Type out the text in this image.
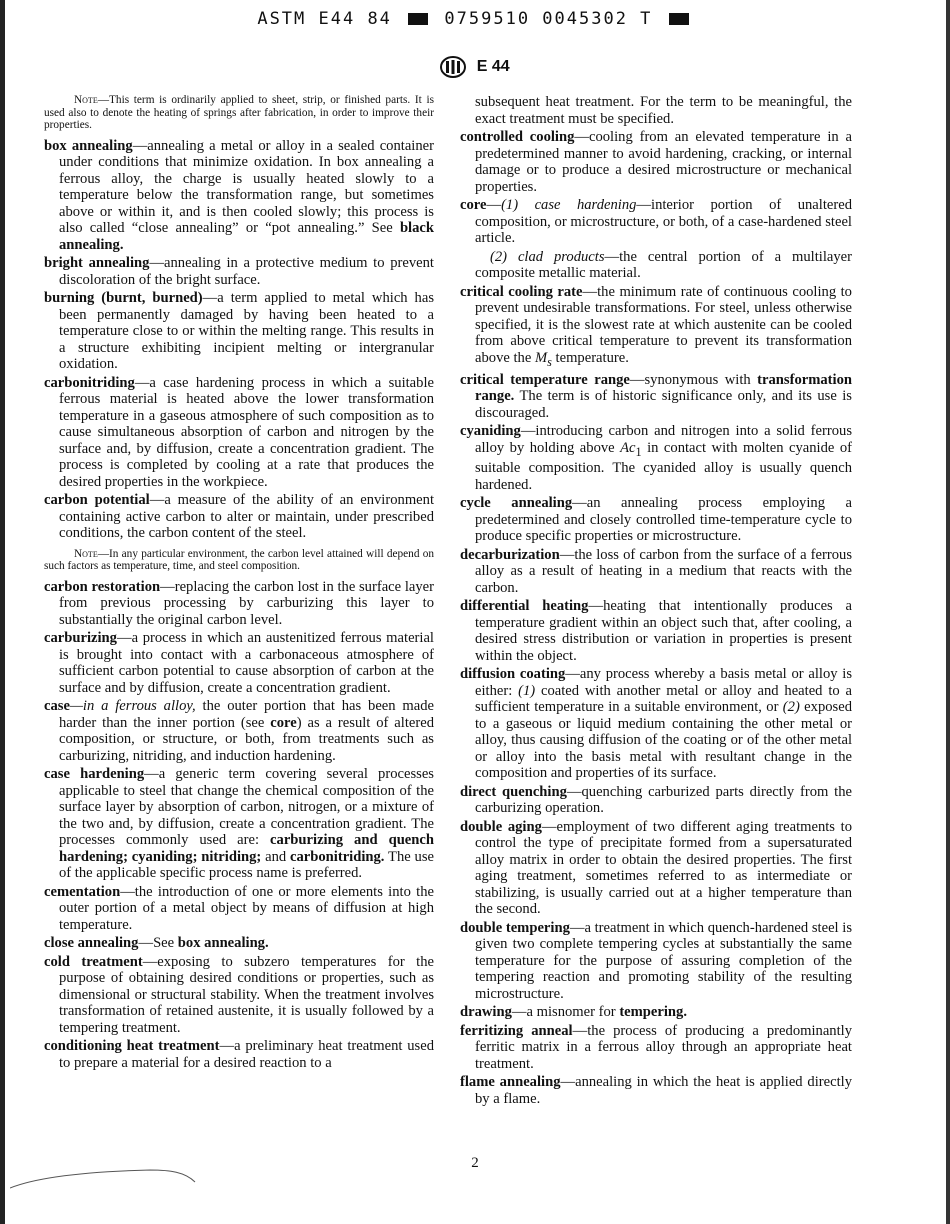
ASTM E44 84	0759510 0045302 T
E 44

Note—This term is ordinarily applied to sheet, strip, or finished parts. It is used also to denote the heating of springs after fabrication, in order to improve their properties.

box annealing—annealing a metal or alloy in a sealed container under conditions that minimize oxidation. In box annealing a ferrous alloy, the charge is usually heated slowly to a temperature below the transformation range, but sometimes above or within it, and is then cooled slowly; this process is also called “close annealing” or “pot annealing.” See black annealing.

bright annealing—annealing in a protective medium to prevent discoloration of the bright surface.

burning (burnt, burned)—a term applied to metal which has been permanently damaged by having been heated to a temperature close to or within the melting range. This results in a structure exhibiting incipient melting or intergranular oxidation.

carbonitriding—a case hardening process in which a suitable ferrous material is heated above the lower transformation temperature in a gaseous atmosphere of such composition as to cause simultaneous absorption of carbon and nitrogen by the surface and, by diffusion, create a concentration gradient. The process is completed by cooling at a rate that produces the desired properties in the workpiece.

carbon potential—a measure of the ability of an environment containing active carbon to alter or maintain, under prescribed conditions, the carbon content of the steel.

Note—In any particular environment, the carbon level attained will depend on such factors as temperature, time, and steel composition.

carbon restoration—replacing the carbon lost in the surface layer from previous processing by carburizing this layer to substantially the original carbon level.

carburizing—a process in which an austenitized ferrous material is brought into contact with a carbonaceous atmosphere of sufficient carbon potential to cause absorption of carbon at the surface and by diffusion, create a concentration gradient.

case—in a ferrous alloy, the outer portion that has been made harder than the inner portion (see core) as a result of altered composition, or structure, or both, from treatments such as carburizing, nitriding, and induction hardening.

case hardening—a generic term covering several processes applicable to steel that change the chemical composition of the surface layer by absorption of carbon, nitrogen, or a mixture of the two and, by diffusion, create a concentration gradient. The processes commonly used are: carburizing and quench hardening; cyaniding; nitriding; and carbonitriding. The use of the applicable specific process name is preferred.

cementation—the introduction of one or more elements into the outer portion of a metal object by means of diffusion at high temperature.

close annealing—See box annealing.

cold treatment—exposing to subzero temperatures for the purpose of obtaining desired conditions or properties, such as dimensional or structural stability. When the treatment involves transformation of retained austenite, it is usually followed by a tempering treatment.

conditioning heat treatment—a preliminary heat treatment used to prepare a material for a desired reaction to a

subsequent heat treatment. For the term to be meaningful, the exact treatment must be specified.

controlled cooling—cooling from an elevated temperature in a predetermined manner to avoid hardening, cracking, or internal damage or to produce a desired microstructure or mechanical properties.

core—(1) case hardening—interior portion of unaltered composition, or microstructure, or both, of a case-hardened steel article.

(2) clad products—the central portion of a multilayer composite metallic material.

critical cooling rate—the minimum rate of continuous cooling to prevent undesirable transformations. For steel, unless otherwise specified, it is the slowest rate at which austenite can be cooled from above critical temperature to prevent its transformation above the $M_s$ temperature.

critical temperature range—synonymous with transformation range. The term is of historic significance only, and its use is discouraged.

cyaniding—introducing carbon and nitrogen into a solid ferrous alloy by holding above $Ac_1$ in contact with molten cyanide of suitable composition. The cyanided alloy is usually quench hardened.

cycle annealing—an annealing process employing a predetermined and closely controlled time-temperature cycle to produce specific properties or microstructure.

decarburization—the loss of carbon from the surface of a ferrous alloy as a result of heating in a medium that reacts with the carbon.

differential heating—heating that intentionally produces a temperature gradient within an object such that, after cooling, a desired stress distribution or variation in properties is present within the object.

diffusion coating—any process whereby a basis metal or alloy is either: (1) coated with another metal or alloy and heated to a sufficient temperature in a suitable environment, or (2) exposed to a gaseous or liquid medium containing the other metal or alloy, thus causing diffusion of the coating or of the other metal or alloy into the basis metal with resultant change in the composition and properties of its surface.

direct quenching—quenching carburized parts directly from the carburizing operation.

double aging—employment of two different aging treatments to control the type of precipitate formed from a supersaturated alloy matrix in order to obtain the desired properties. The first aging treatment, sometimes referred to as intermediate or stabilizing, is usually carried out at a higher temperature than the second.

double tempering—a treatment in which quench-hardened steel is given two complete tempering cycles at substantially the same temperature for the purpose of assuring completion of the tempering reaction and promoting stability of the resulting microstructure.

drawing—a misnomer for tempering.

ferritizing anneal—the process of producing a predominantly ferritic matrix in a ferrous alloy through an appropriate heat treatment.

flame annealing—annealing in which the heat is applied directly by a flame.

2
